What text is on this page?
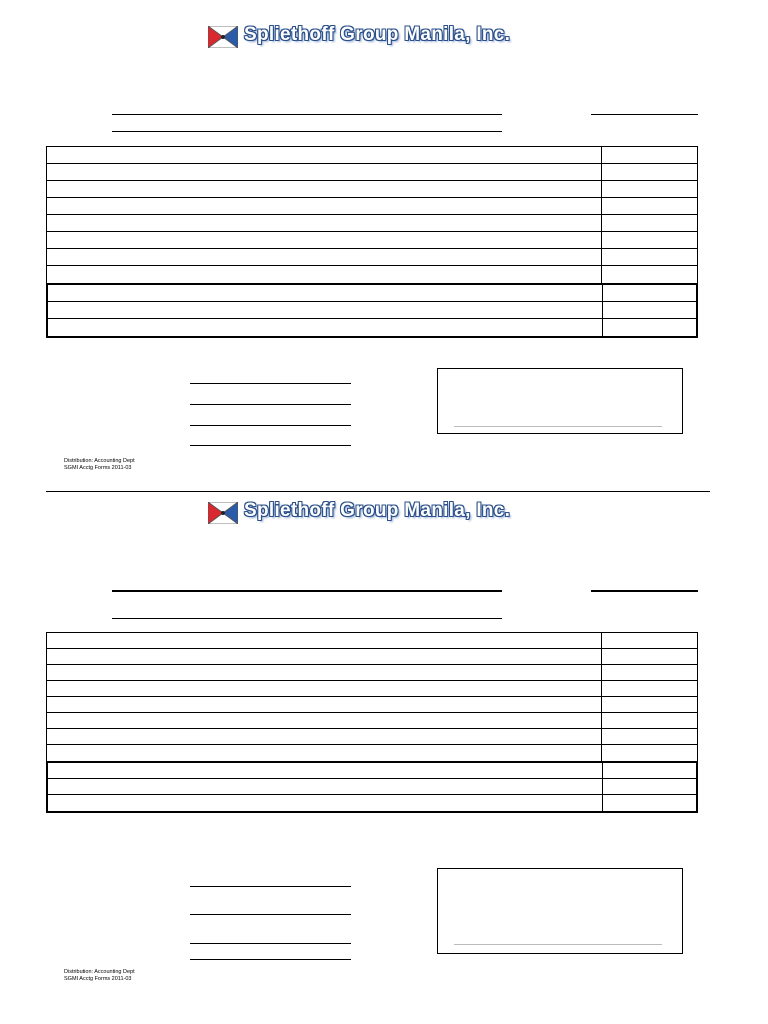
Spliethoff Group Manila, Inc.
Distribution: Accounting Dept
SGMI Acctg Forms 2011-03
Spliethoff Group Manila, Inc.
Distribution: Accounting Dept
SGMI Acctg Forms 2011-03
